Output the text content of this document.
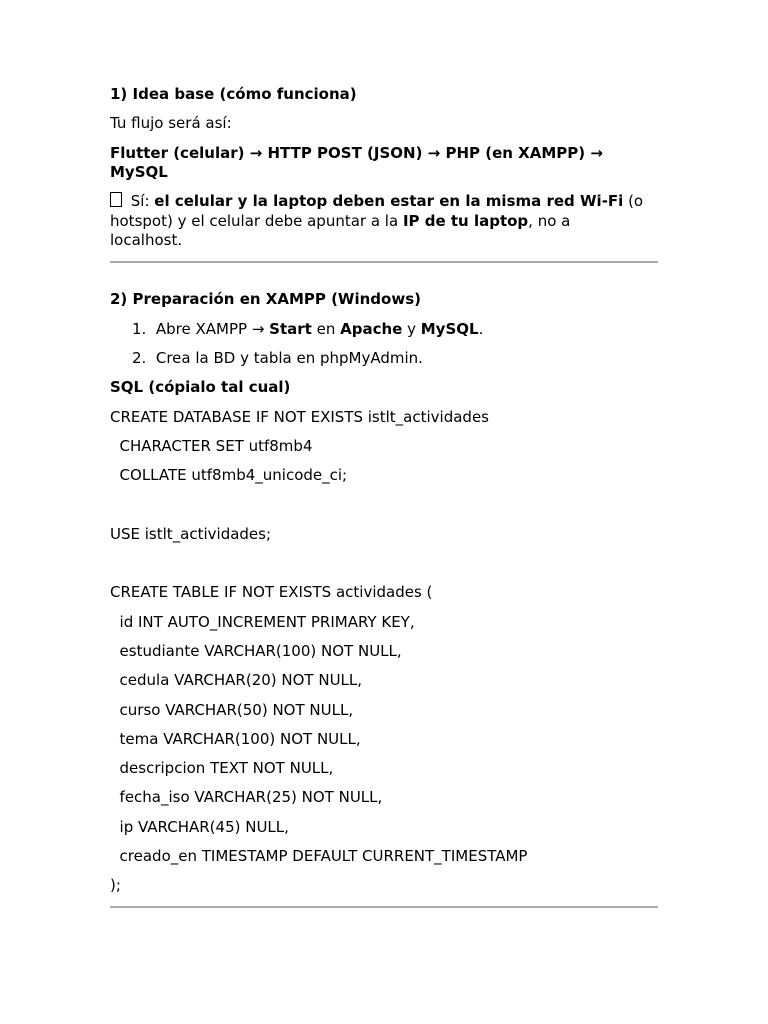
1) Idea base (cómo funciona)
Tu flujo será así:
Flutter (celular) → HTTP POST (JSON) → PHP (en XAMPP) →
MySQL
Sí: el celular y la laptop deben estar en la misma red Wi-Fi (o
hotspot) y el celular debe apuntar a la IP de tu laptop, no a
localhost.
2) Preparación en XAMPP (Windows)
1. Abre XAMPP → Start en Apache y MySQL.
2. Crea la BD y tabla en phpMyAdmin.
SQL (cópialo tal cual)
CREATE DATABASE IF NOT EXISTS istlt_actividades
CHARACTER SET utf8mb4
COLLATE utf8mb4_unicode_ci;
USE istlt_actividades;
CREATE TABLE IF NOT EXISTS actividades (
id INT AUTO_INCREMENT PRIMARY KEY,
estudiante VARCHAR(100) NOT NULL,
cedula VARCHAR(20) NOT NULL,
curso VARCHAR(50) NOT NULL,
tema VARCHAR(100) NOT NULL,
descripcion TEXT NOT NULL,
fecha_iso VARCHAR(25) NOT NULL,
ip VARCHAR(45) NULL,
creado_en TIMESTAMP DEFAULT CURRENT_TIMESTAMP
);
